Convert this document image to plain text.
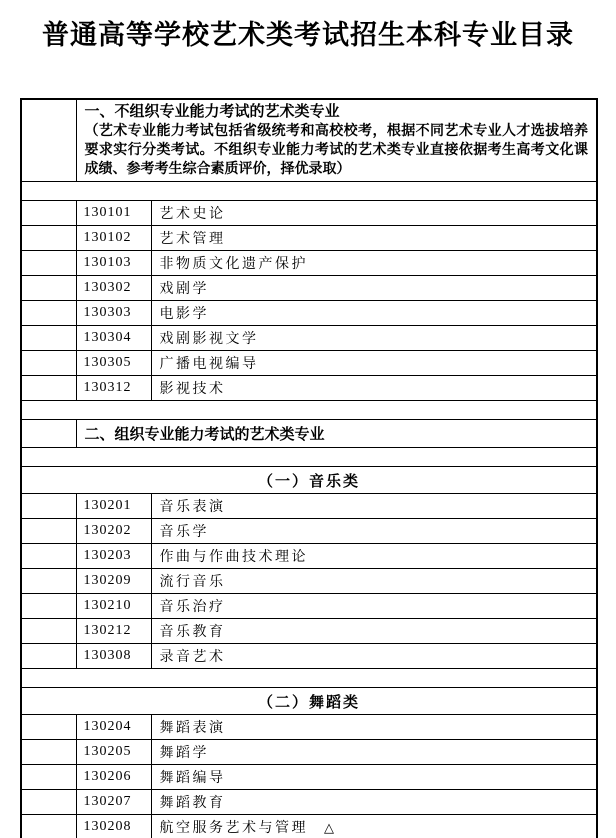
普通高等学校艺术类考试招生本科专业目录

	一、不组织专业能力考试的艺术类专业
（艺术专业能力考试包括省级统考和高校校考，根据不同艺术专业人才选拔培养要求实行分类考试。不组织专业能力考试的艺术类专业直接依据考生高考文化课成绩、参考考生综合素质评价，择优录取）	

	130101	艺术史论
	130102	艺术管理
	130103	非物质文化遗产保护
	130302	戏剧学
	130303	电影学
	130304	戏剧影视文学
	130305	广播电视编导
	130312	影视技术

	二、组织专业能力考试的艺术类专业	

（一）音乐类		
	130201	音乐表演
	130202	音乐学
	130203	作曲与作曲技术理论
	130209	流行音乐
	130210	音乐治疗
	130212	音乐教育
	130308	录音艺术

（二）舞蹈类		
	130204	舞蹈表演
	130205	舞蹈学
	130206	舞蹈编导
	130207	舞蹈教育
	130208	航空服务艺术与管理 △
